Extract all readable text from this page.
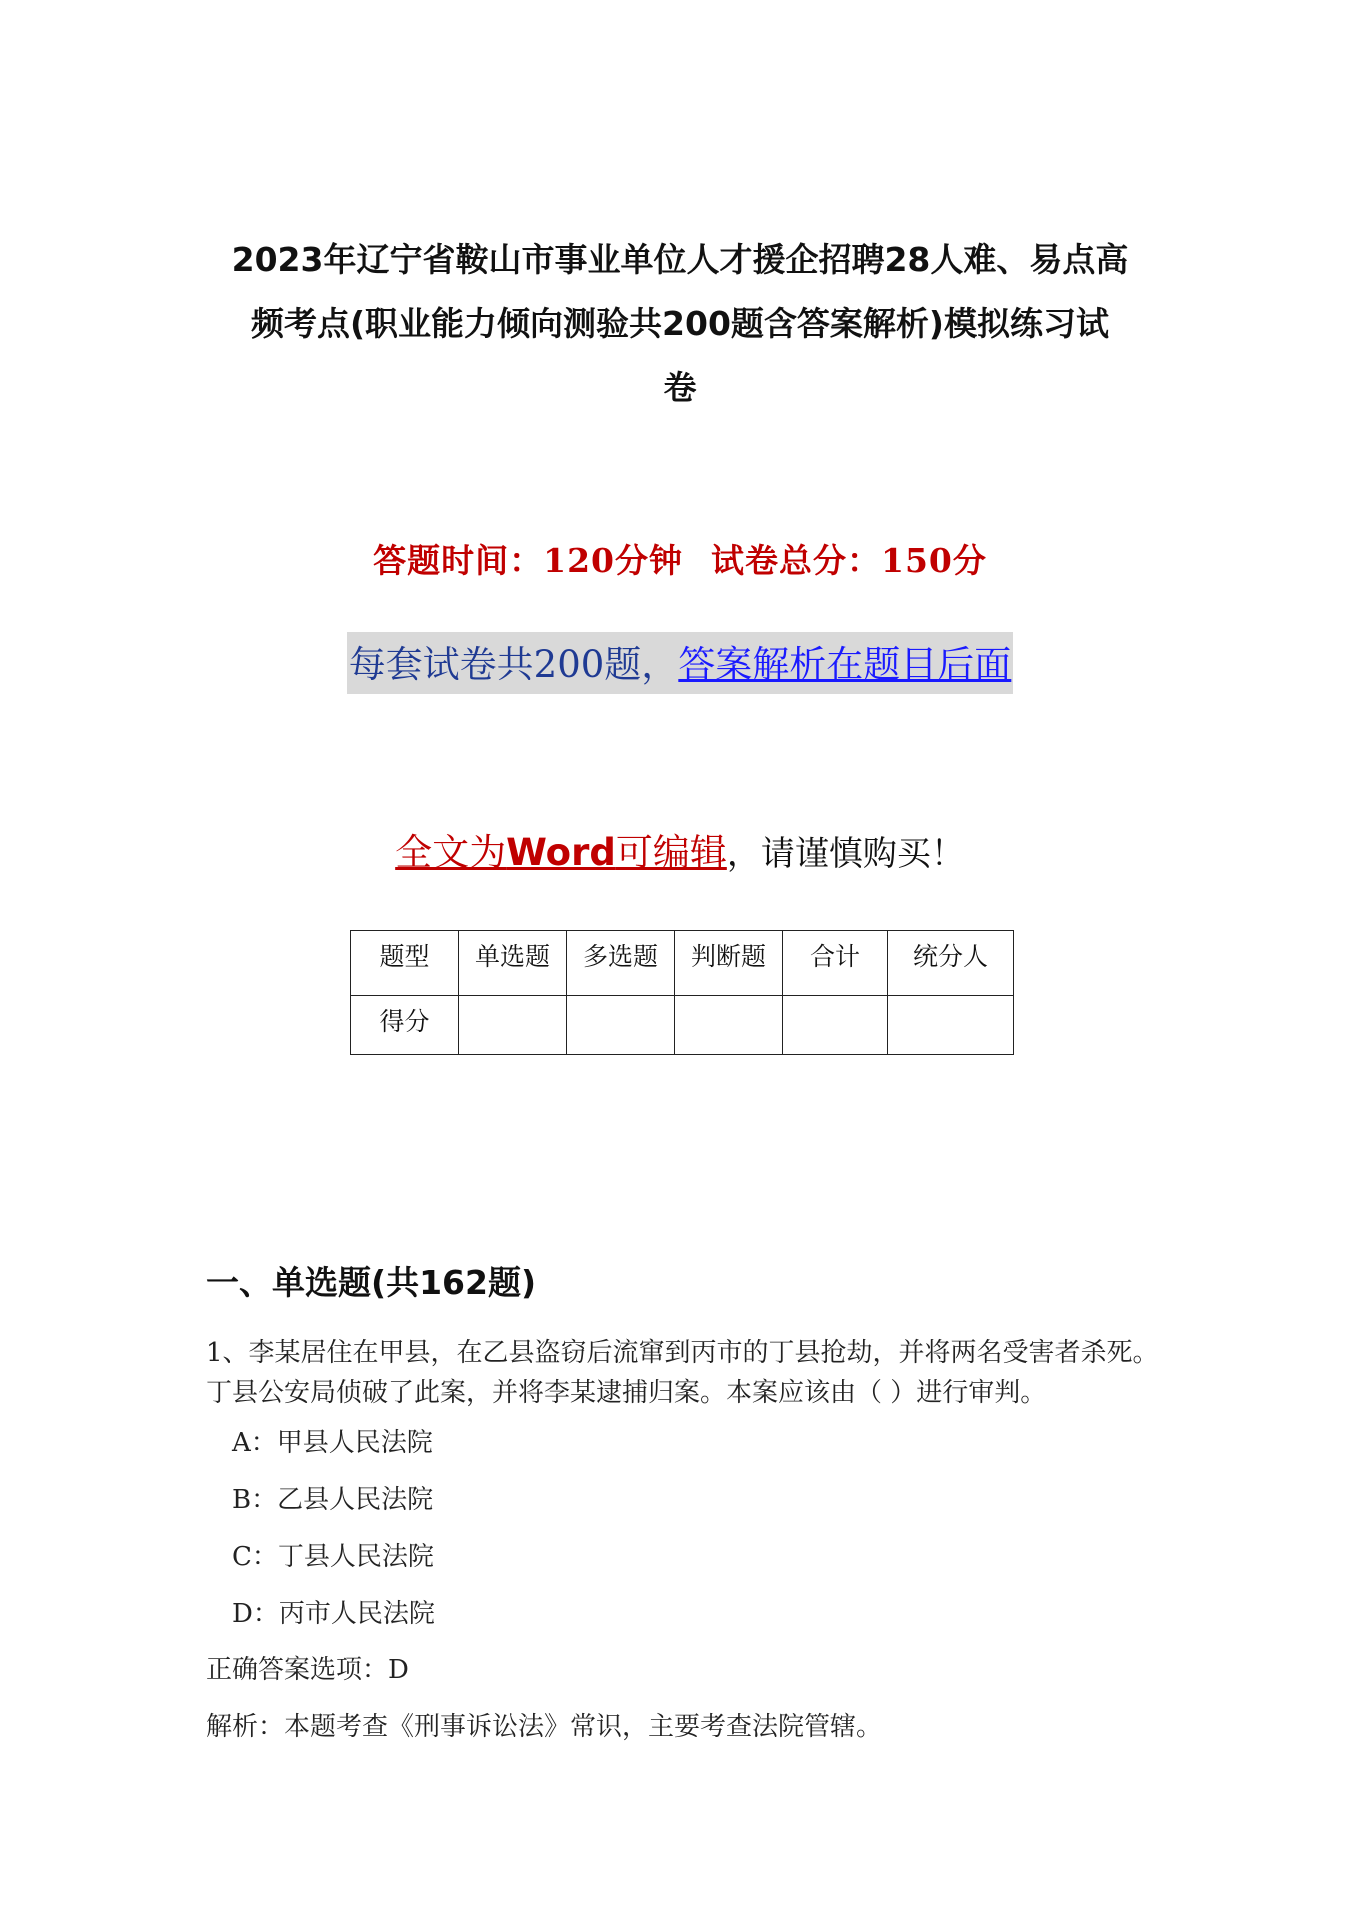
2023年辽宁省鞍山市事业单位人才援企招聘28人难、易点高
频考点(职业能力倾向测验共200题含答案解析)模拟练习试
卷
答题时间：120分钟 试卷总分：150分
每套试卷共200题，答案解析在题目后面
全文为Word可编辑，请谨慎购买！
题型	单选题	多选题	判断题	合计	统分人
得分					
一、单选题(共162题)
1、李某居住在甲县，在乙县盗窃后流窜到丙市的丁县抢劫，并将两名受害者杀死。丁县公安局侦破了此案，并将李某逮捕归案。本案应该由（ ）进行审判。
A：甲县人民法院
B：乙县人民法院
C：丁县人民法院
D：丙市人民法院
正确答案选项：D
解析：本题考查《刑事诉讼法》常识，主要考查法院管辖。
